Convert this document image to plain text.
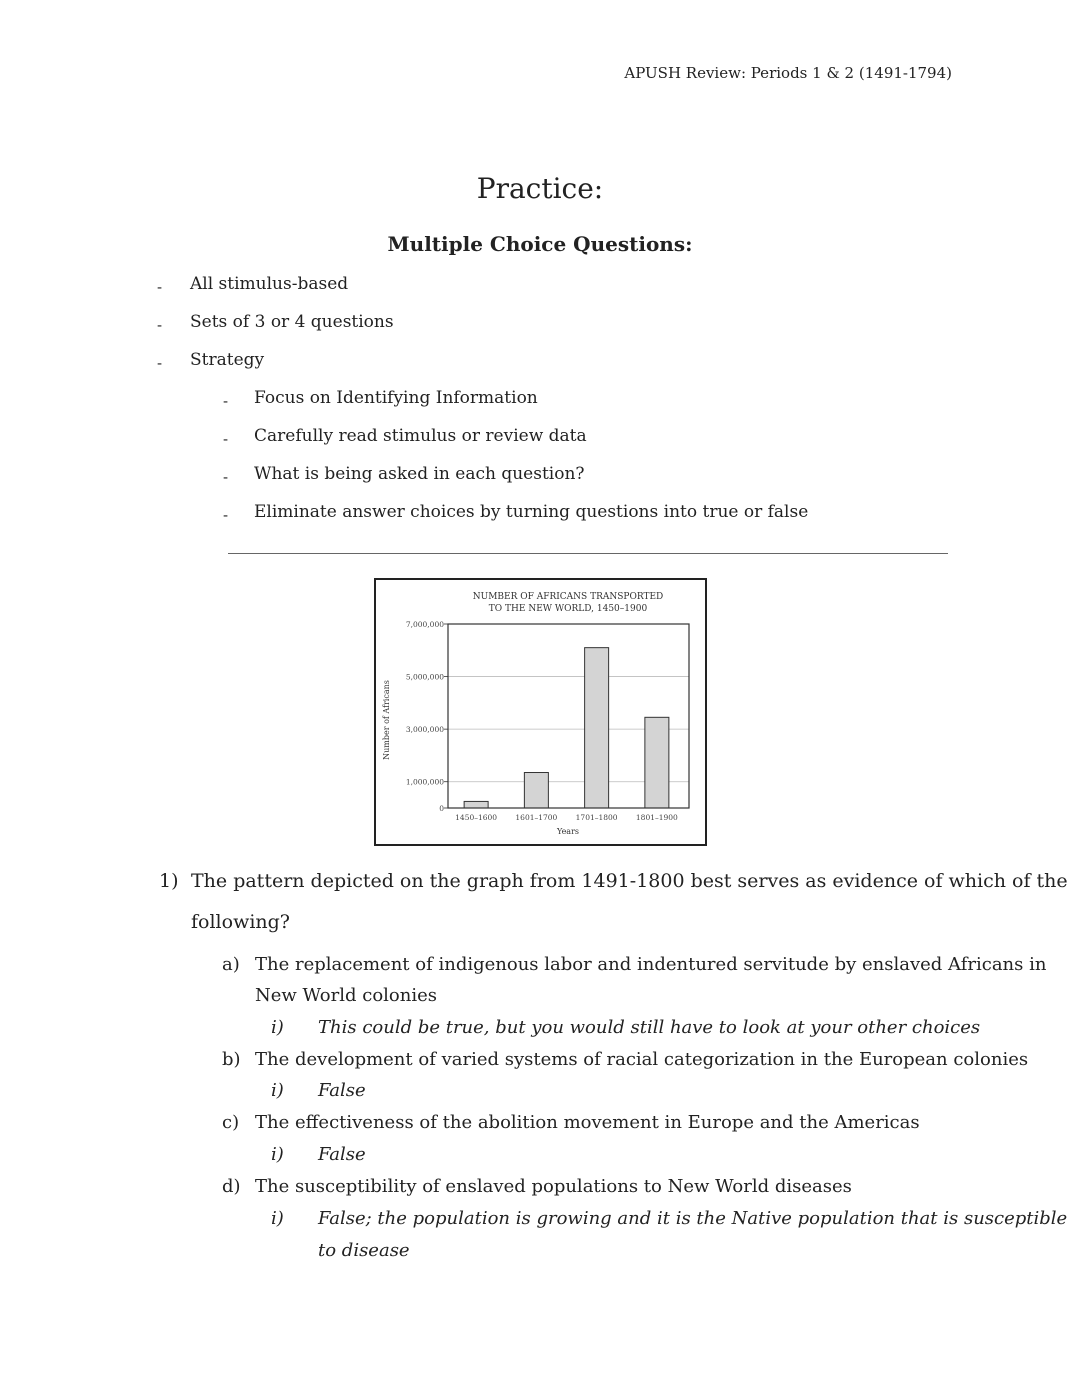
APUSH Review: Periods 1 & 2 (1491-1794)
Practice:
Multiple Choice Questions:
- All stimulus-based
- Sets of 3 or 4 questions
- Strategy
- Focus on Identifying Information
- Carefully read stimulus or review data
- What is being asked in each question?
- Eliminate answer choices by turning questions into true or false
NUMBER OF AFRICANS TRANSPORTED
TO THE NEW WORLD, 1450–1900
Number of Africans
Years
0
1,000,000
3,000,000
5,000,000
7,000,000
1450–1600 1601–1700 1701–1800 1801–1900
1) The pattern depicted on the graph from 1491-1800 best serves as evidence of which of the
following?
a) The replacement of indigenous labor and indentured servitude by enslaved Africans in
New World colonies
i) This could be true, but you would still have to look at your other choices
b) The development of varied systems of racial categorization in the European colonies
i) False
c) The effectiveness of the abolition movement in Europe and the Americas
i) False
d) The susceptibility of enslaved populations to New World diseases
i) False; the population is growing and it is the Native population that is susceptible
to disease
